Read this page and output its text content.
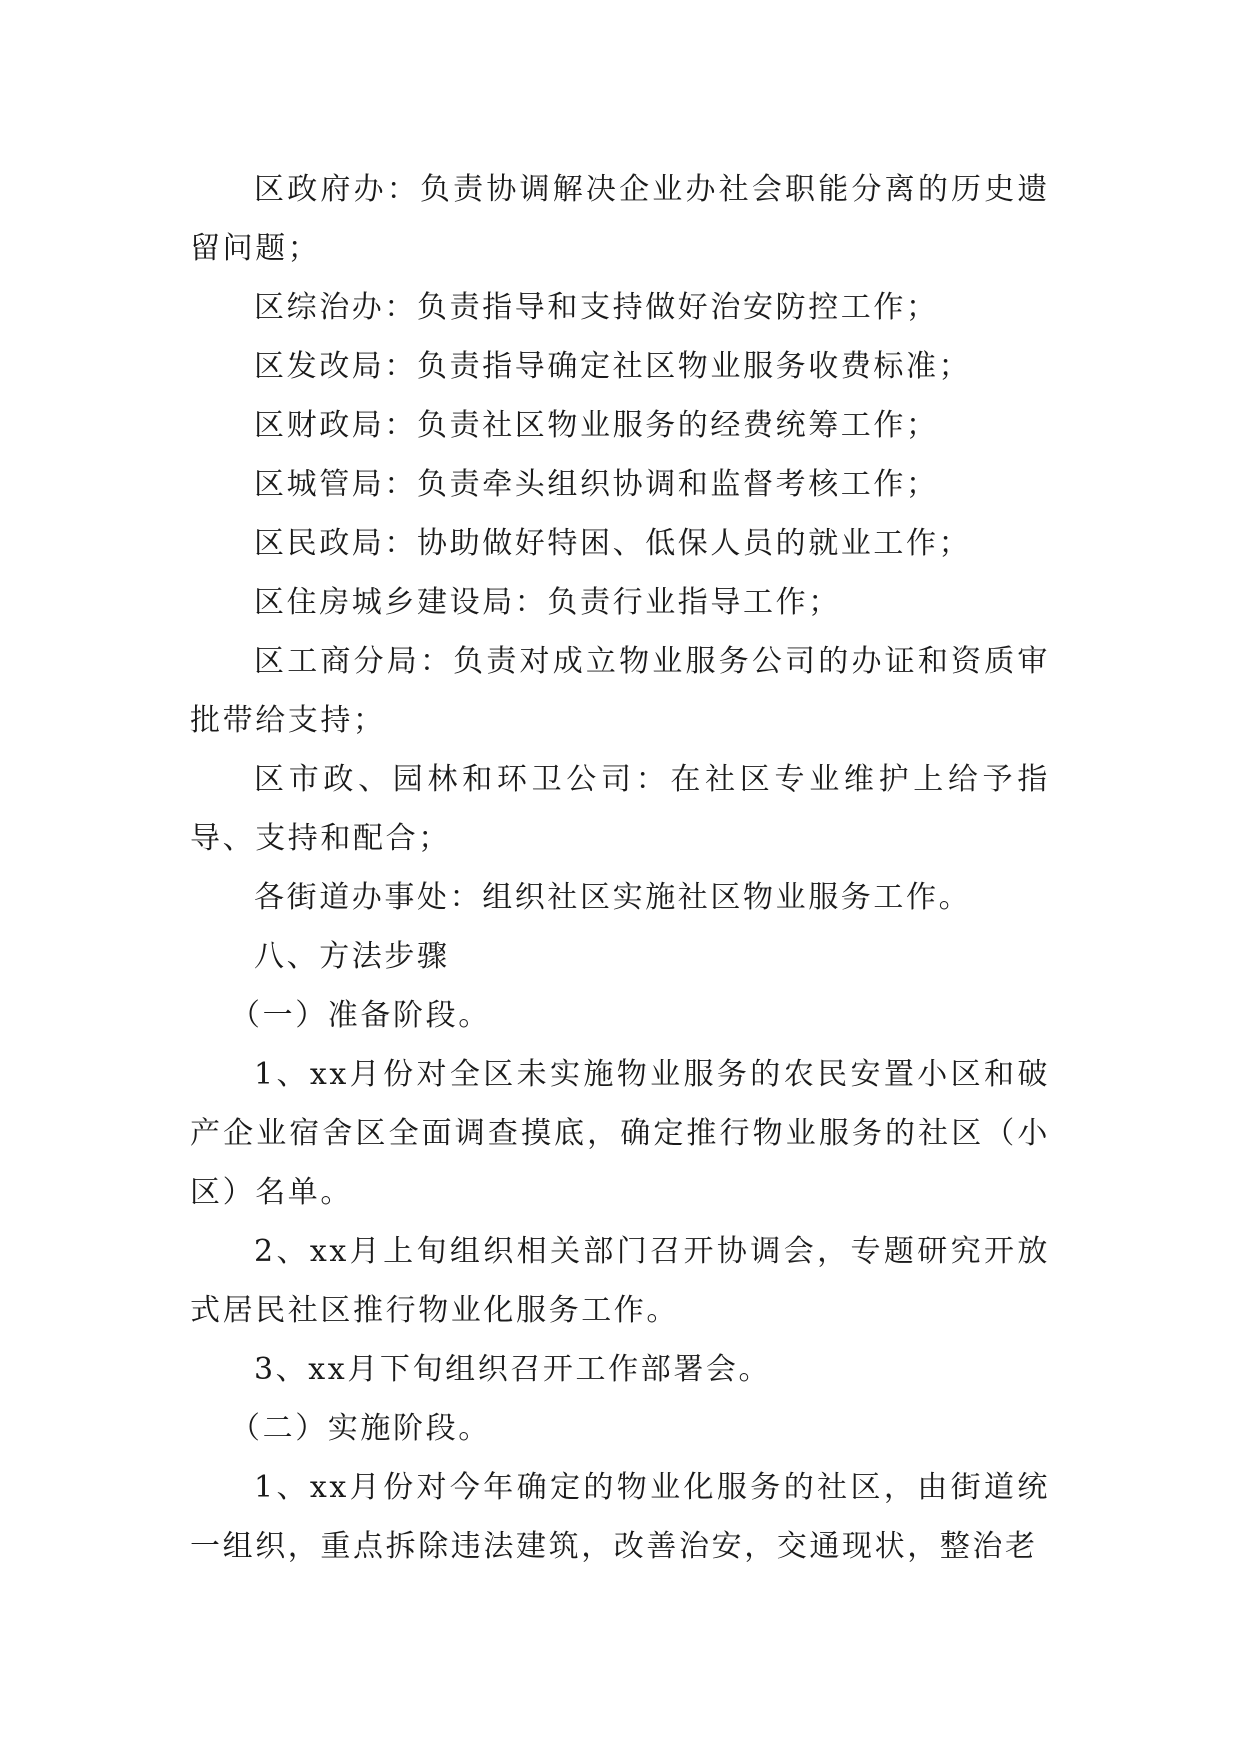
区政府办：负责协调解决企业办社会职能分离的历史遗留问题；

区综治办：负责指导和支持做好治安防控工作；

区发改局：负责指导确定社区物业服务收费标准；

区财政局：负责社区物业服务的经费统筹工作；

区城管局：负责牵头组织协调和监督考核工作；

区民政局：协助做好特困、低保人员的就业工作；

区住房城乡建设局：负责行业指导工作；

区工商分局：负责对成立物业服务公司的办证和资质审批带给支持；

区市政、园林和环卫公司：在社区专业维护上给予指导、支持和配合；

各街道办事处：组织社区实施社区物业服务工作。

八、方法步骤

（一）准备阶段。

1、xx月份对全区未实施物业服务的农民安置小区和破产企业宿舍区全面调查摸底，确定推行物业服务的社区（小区）名单。

2、xx月上旬组织相关部门召开协调会，专题研究开放式居民社区推行物业化服务工作。

3、xx月下旬组织召开工作部署会。

（二）实施阶段。

1、xx月份对今年确定的物业化服务的社区，由街道统一组织，重点拆除违法建筑，改善治安，交通现状，整治老
